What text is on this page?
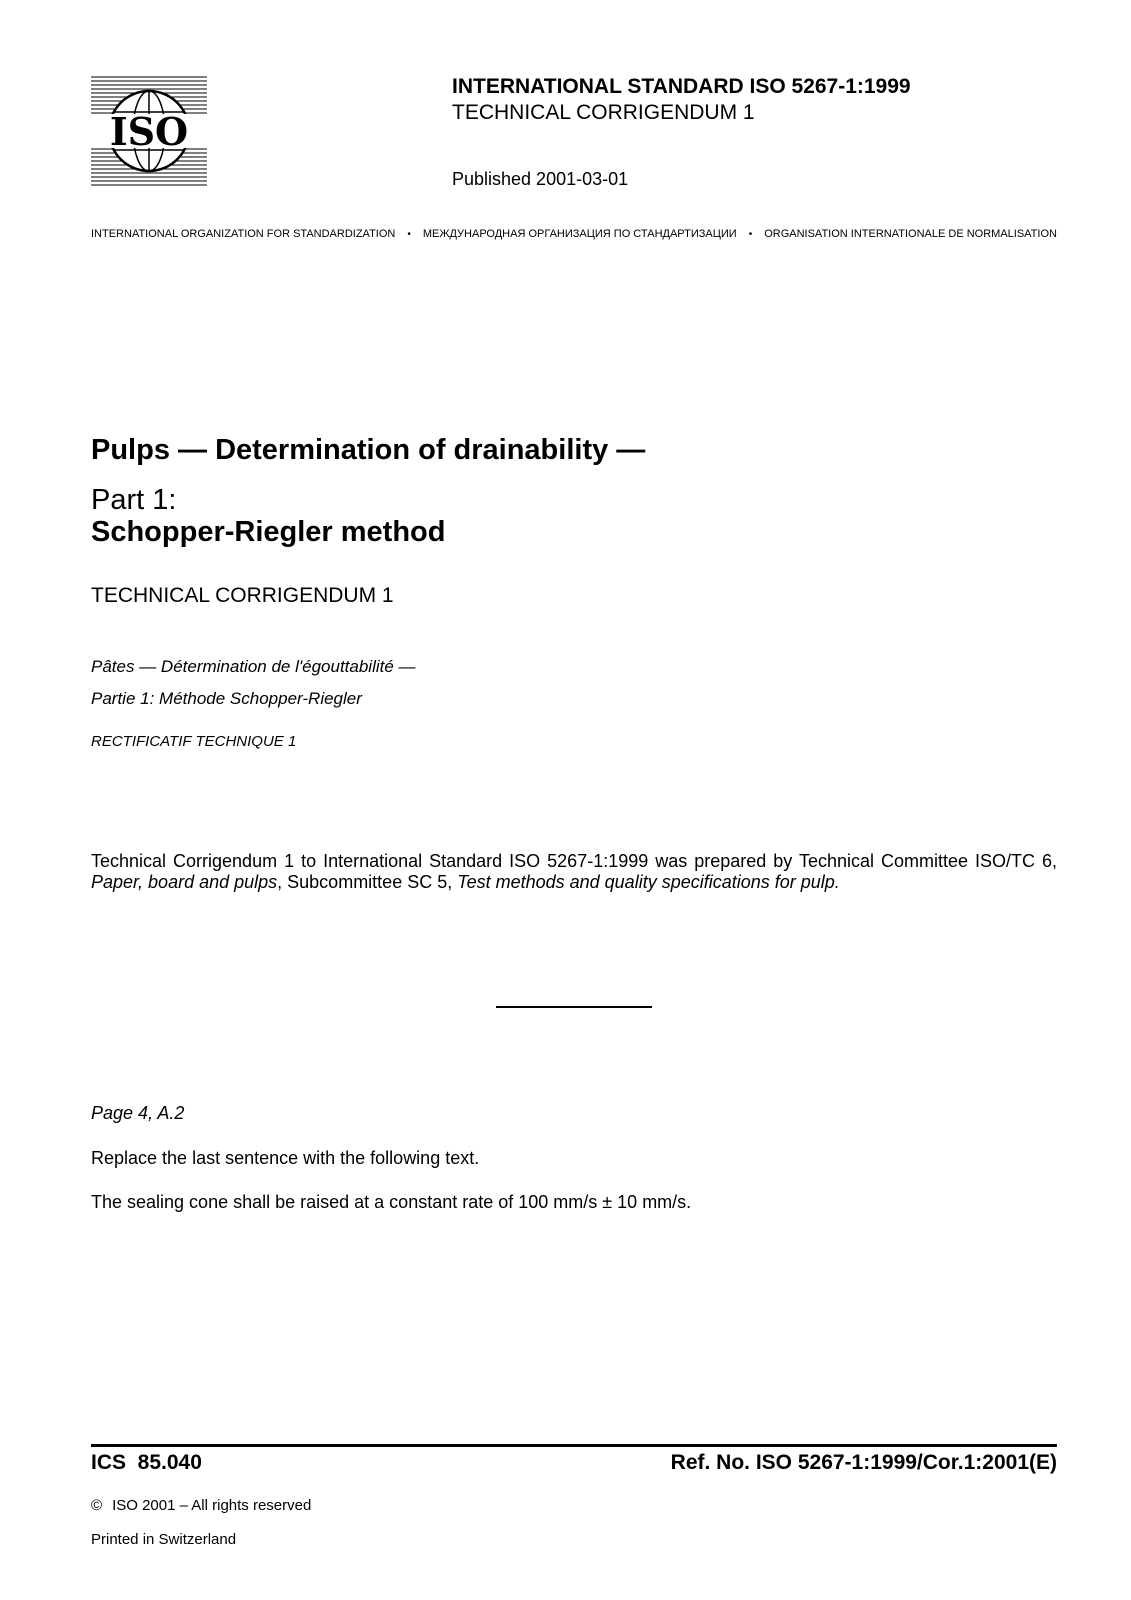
ISO
INTERNATIONAL STANDARD ISO 5267-1:1999
TECHNICAL CORRIGENDUM 1
Published 2001-03-01
INTERNATIONAL ORGANIZATION FOR STANDARDIZATION • МЕЖДУНАРОДНАЯ ОРГАНИЗАЦИЯ ПО СТАНДАРТИЗАЦИИ • ORGANISATION INTERNATIONALE DE NORMALISATION
Pulps — Determination of drainability —
Part 1:
Schopper-Riegler method
TECHNICAL CORRIGENDUM 1
Pâtes — Détermination de l'égouttabilité —
Partie 1: Méthode Schopper-Riegler
RECTIFICATIF TECHNIQUE 1
Technical Corrigendum 1 to International Standard ISO 5267-1:1999 was prepared by Technical Committee ISO/TC 6, Paper, board and pulps, Subcommittee SC 5, Test methods and quality specifications for pulp.
Page 4, A.2
Replace the last sentence with the following text.
The sealing cone shall be raised at a constant rate of 100 mm/s ± 10 mm/s.
ICS  85.040	Ref. No. ISO 5267-1:1999/Cor.1:2001(E)
© ISO 2001 – All rights reserved
Printed in Switzerland
